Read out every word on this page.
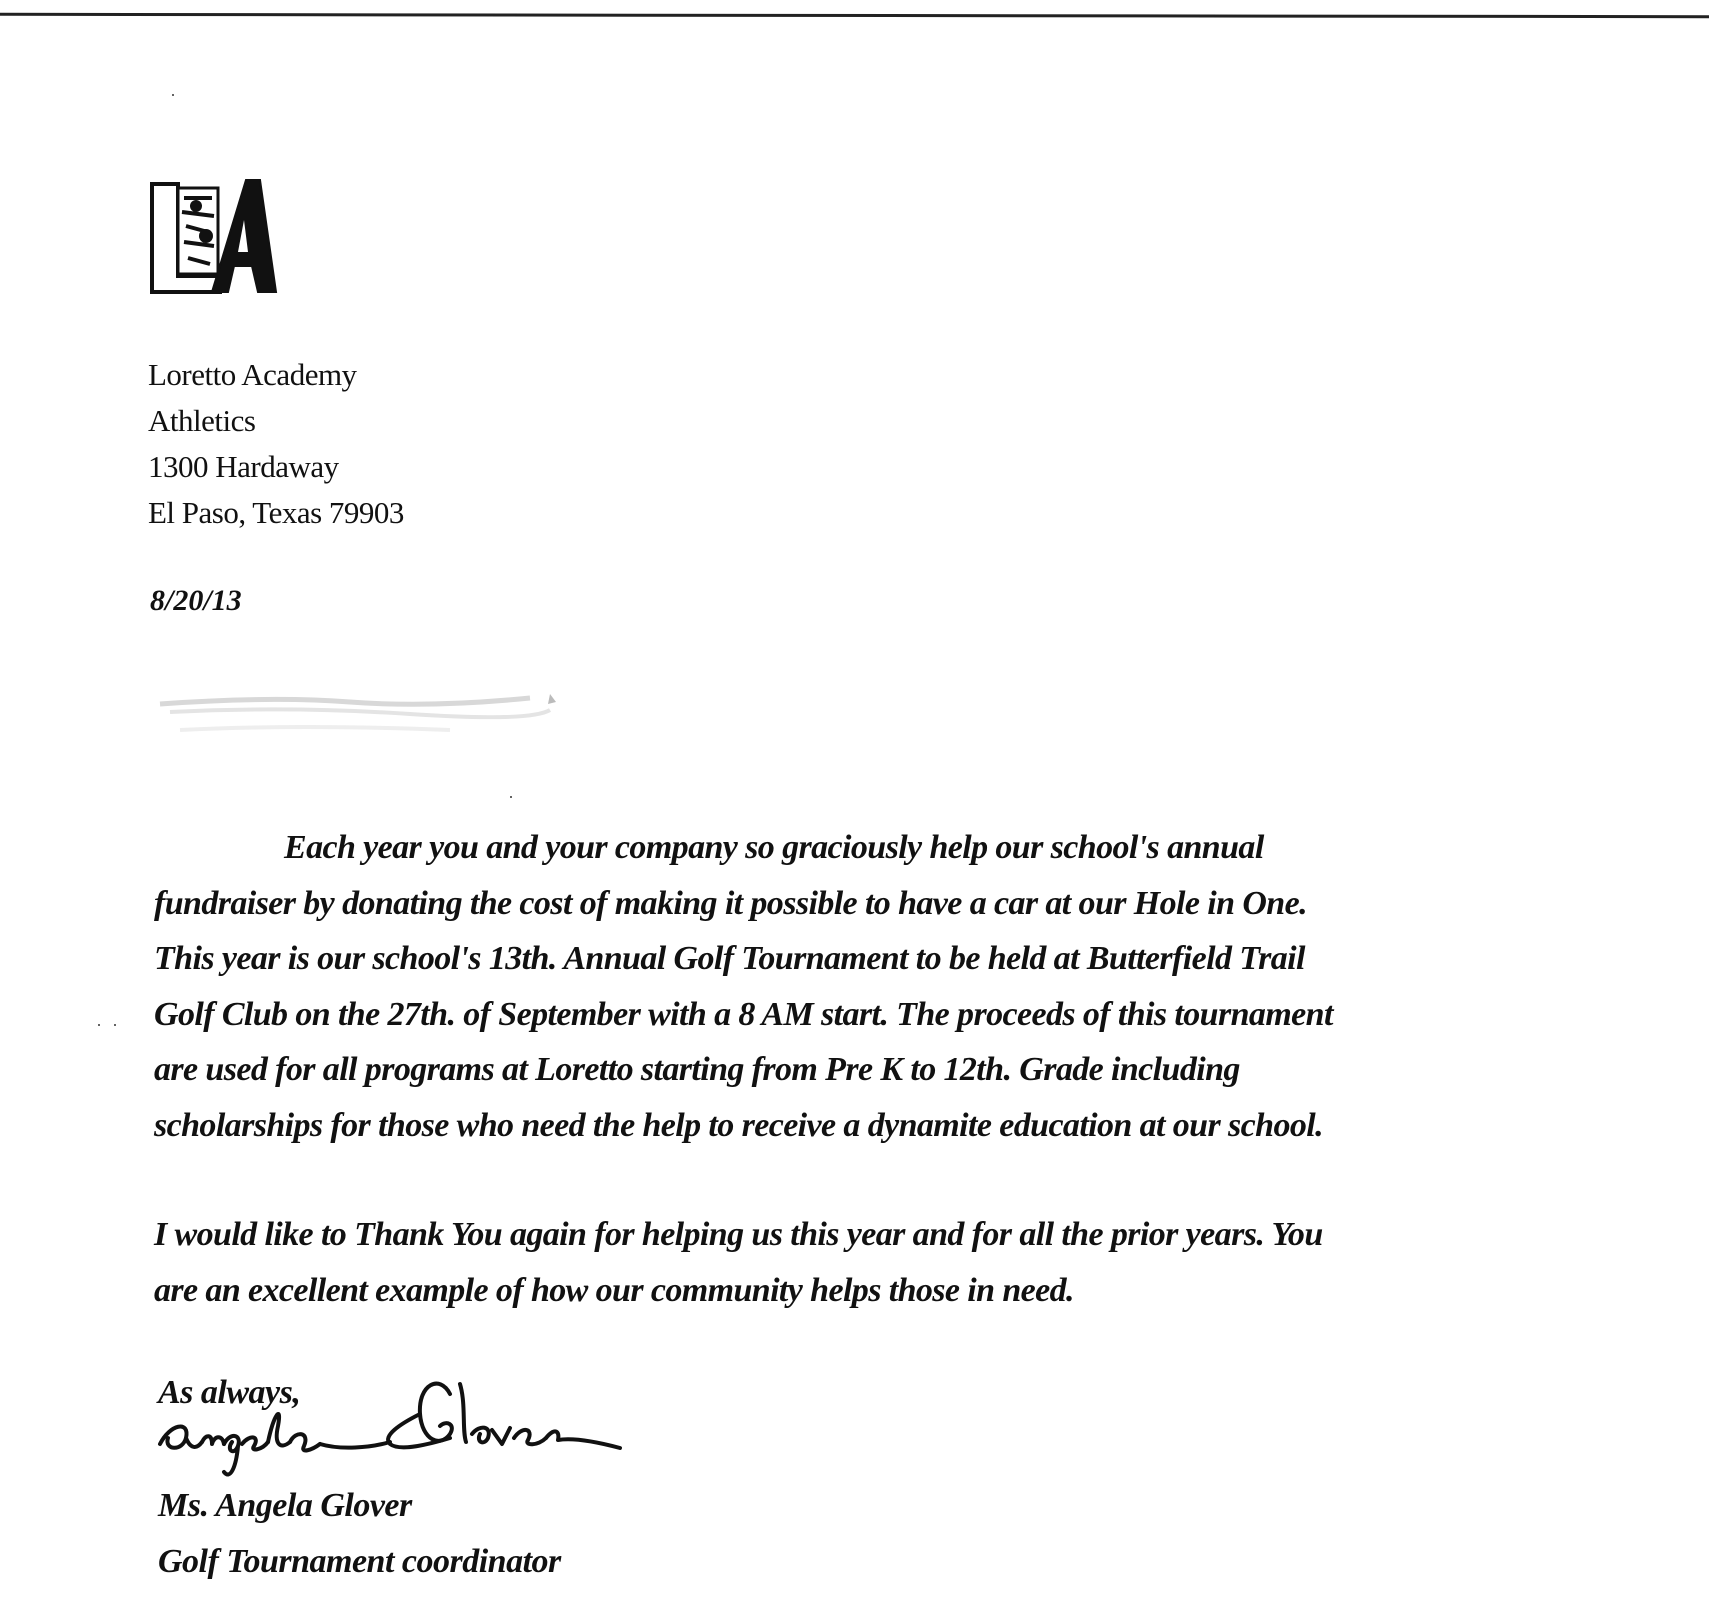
Loretto Academy
Athletics
1300 Hardaway
El Paso, Texas 79903
8/20/13
Each year you and your company so graciously help our school's annual
fundraiser by donating the cost of making it possible to have a car at our Hole in One.
This year is our school's 13th. Annual Golf Tournament to be held at Butterfield Trail
Golf Club on the 27th. of September with a 8 AM start. The proceeds of this tournament
are used for all programs at Loretto starting from Pre K to 12th. Grade including
scholarships for those who need the help to receive a dynamite education at our school.
I would like to Thank You again for helping us this year and for all the prior years. You
are an excellent example of how our community helps those in need.
As always,
Ms. Angela Glover
Golf Tournament coordinator
